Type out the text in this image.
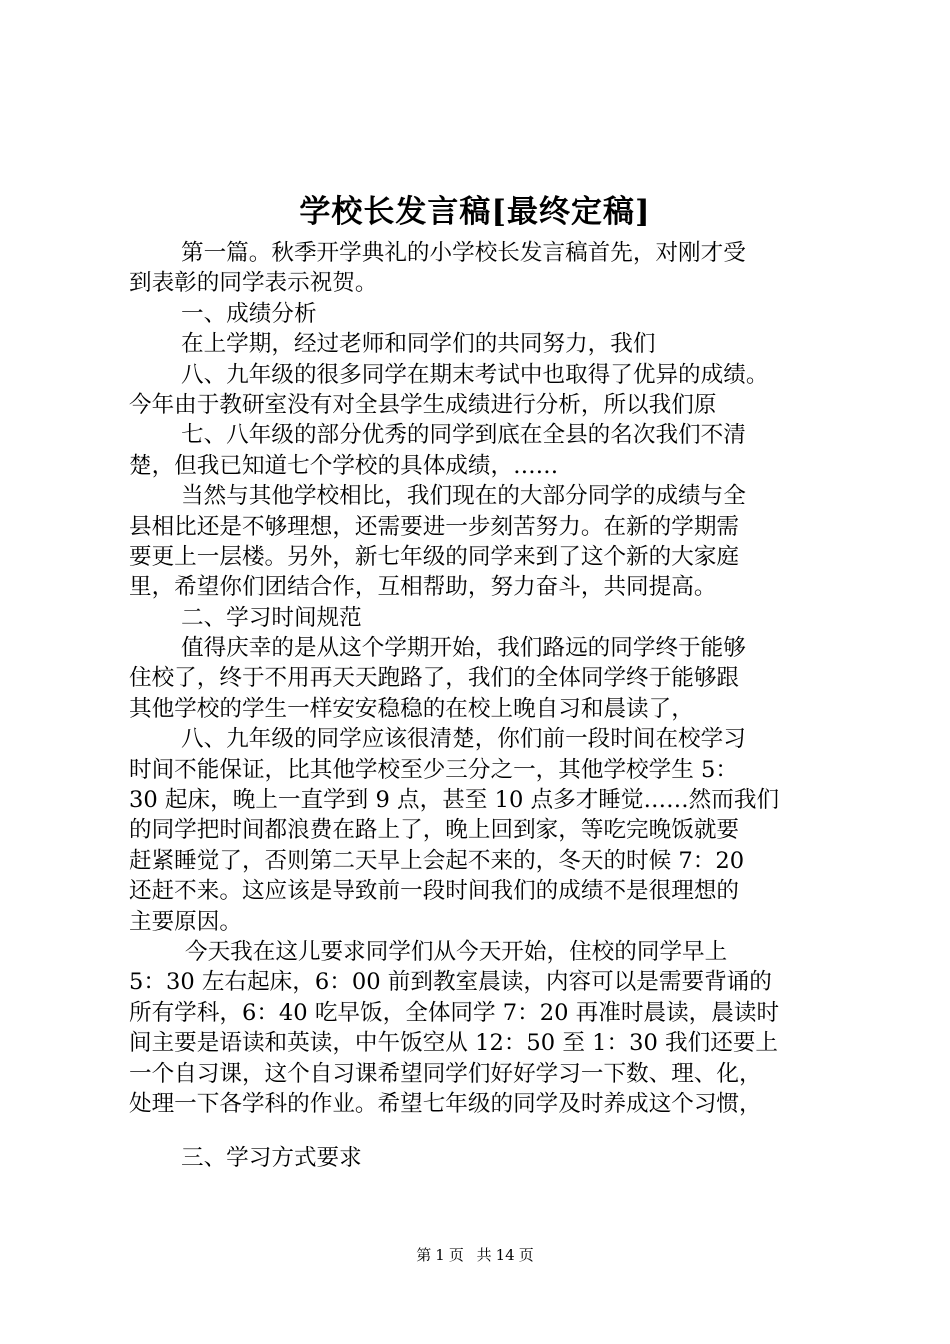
学校长发言稿[最终定稿]
第一篇。秋季开学典礼的小学校长发言稿首先，对刚才受
到表彰的同学表示祝贺。
一、成绩分析
在上学期，经过老师和同学们的共同努力，我们
八、九年级的很多同学在期末考试中也取得了优异的成绩。
今年由于教研室没有对全县学生成绩进行分析，所以我们原
七、八年级的部分优秀的同学到底在全县的名次我们不清
楚，但我已知道七个学校的具体成绩，……
当然与其他学校相比，我们现在的大部分同学的成绩与全
县相比还是不够理想，还需要进一步刻苦努力。在新的学期需
要更上一层楼。另外，新七年级的同学来到了这个新的大家庭
里，希望你们团结合作，互相帮助，努力奋斗，共同提高。
二、学习时间规范
值得庆幸的是从这个学期开始，我们路远的同学终于能够
住校了，终于不用再天天跑路了，我们的全体同学终于能够跟
其他学校的学生一样安安稳稳的在校上晚自习和晨读了，
八、九年级的同学应该很清楚，你们前一段时间在校学习
时间不能保证，比其他学校至少三分之一，其他学校学生 5：
30 起床，晚上一直学到 9 点，甚至 10 点多才睡觉……然而我们
的同学把时间都浪费在路上了，晚上回到家，等吃完晚饭就要
赶紧睡觉了，否则第二天早上会起不来的，冬天的时候 7：20
还赶不来。这应该是导致前一段时间我们的成绩不是很理想的
主要原因。
今天我在这儿要求同学们从今天开始，住校的同学早上
5：30 左右起床，6：00 前到教室晨读，内容可以是需要背诵的
所有学科，6：40 吃早饭，全体同学 7：20 再准时晨读，晨读时
间主要是语读和英读，中午饭空从 12：50 至 1：30 我们还要上
一个自习课，这个自习课希望同学们好好学习一下数、理、化，
处理一下各学科的作业。希望七年级的同学及时养成这个习惯，
三、学习方式要求
第 1 页 共 14 页
